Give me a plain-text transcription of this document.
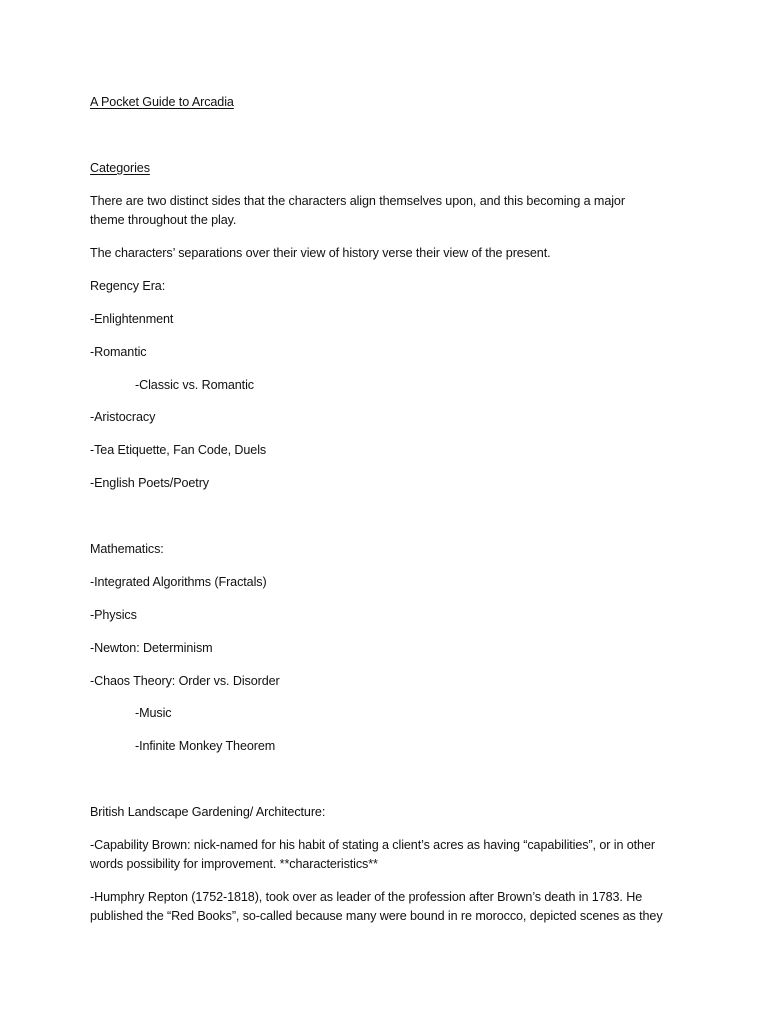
A Pocket Guide to Arcadia
Categories
There are two distinct sides that the characters align themselves upon, and this becoming a major
theme throughout the play.
The characters’ separations over their view of history verse their view of the present.
Regency Era:
-Enlightenment
-Romantic
-Classic vs. Romantic
-Aristocracy
-Tea Etiquette, Fan Code, Duels
-English Poets/Poetry
Mathematics:
-Integrated Algorithms (Fractals)
-Physics
-Newton: Determinism
-Chaos Theory: Order vs. Disorder
-Music
-Infinite Monkey Theorem
British Landscape Gardening/ Architecture:
-Capability Brown: nick-named for his habit of stating a client’s acres as having “capabilities”, or in other
words possibility for improvement. **characteristics**
-Humphry Repton (1752-1818), took over as leader of the profession after Brown’s death in 1783. He
published the “Red Books”, so-called because many were bound in re morocco, depicted scenes as they
